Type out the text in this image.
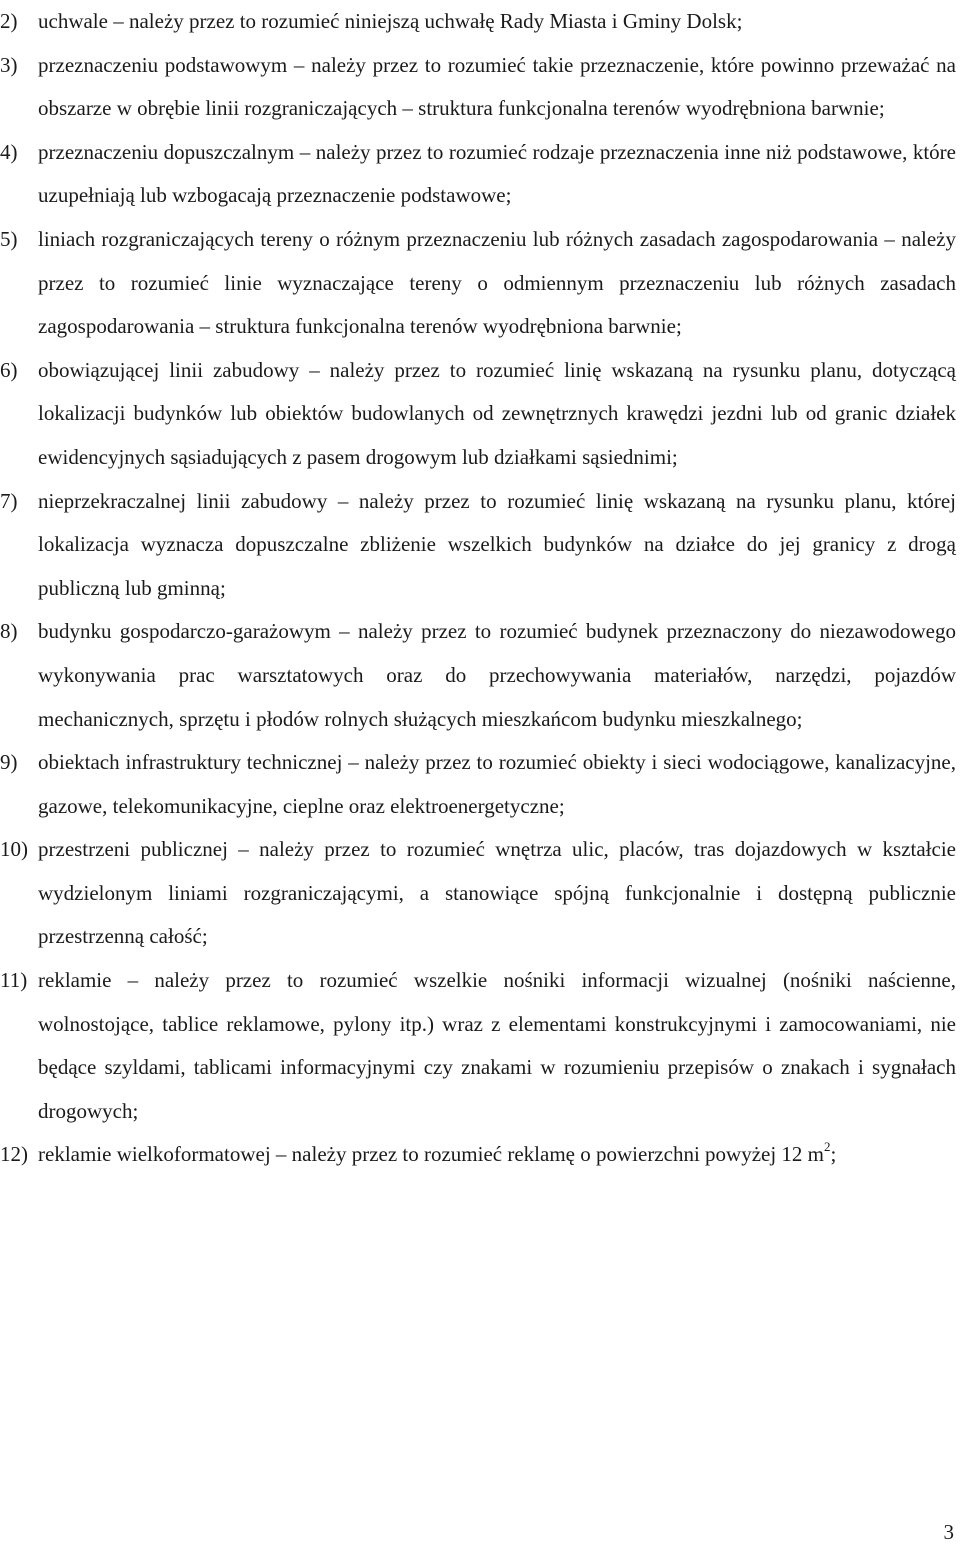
2) uchwale – należy przez to rozumieć niniejszą uchwałę Rady Miasta i Gminy Dolsk;
3) przeznaczeniu podstawowym – należy przez to rozumieć takie przeznaczenie, które powinno przeważać na obszarze w obrębie linii rozgraniczających – struktura funkcjonalna terenów wyodrębniona barwnie;
4) przeznaczeniu dopuszczalnym – należy przez to rozumieć rodzaje przeznaczenia inne niż podstawowe, które uzupełniają lub wzbogacają przeznaczenie podstawowe;
5) liniach rozgraniczających tereny o różnym przeznaczeniu lub różnych zasadach zagospodarowania – należy przez to rozumieć linie wyznaczające tereny o odmiennym przeznaczeniu lub różnych zasadach zagospodarowania – struktura funkcjonalna terenów wyodrębniona barwnie;
6) obowiązującej linii zabudowy – należy przez to rozumieć linię wskazaną na rysunku planu, dotyczącą lokalizacji budynków lub obiektów budowlanych od zewnętrznych krawędzi jezdni lub od granic działek ewidencyjnych sąsiadujących z pasem drogowym lub działkami sąsiednimi;
7) nieprzekraczalnej linii zabudowy – należy przez to rozumieć linię wskazaną na rysunku planu, której lokalizacja wyznacza dopuszczalne zbliżenie wszelkich budynków na działce do jej granicy z drogą publiczną lub gminną;
8) budynku gospodarczo-garażowym – należy przez to rozumieć budynek przeznaczony do niezawodowego wykonywania prac warsztatowych oraz do przechowywania materiałów, narzędzi, pojazdów mechanicznych, sprzętu i płodów rolnych służących mieszkańcom budynku mieszkalnego;
9) obiektach infrastruktury technicznej – należy przez to rozumieć obiekty i sieci wodociągowe, kanalizacyjne, gazowe, telekomunikacyjne, cieplne oraz elektroenergetyczne;
10) przestrzeni publicznej – należy przez to rozumieć wnętrza ulic, placów, tras dojazdowych w kształcie wydzielonym liniami rozgraniczającymi, a stanowiące spójną funkcjonalnie i dostępną publicznie przestrzenną całość;
11) reklamie – należy przez to rozumieć wszelkie nośniki informacji wizualnej (nośniki naścienne, wolnostojące, tablice reklamowe, pylony itp.) wraz z elementami konstrukcyjnymi i zamocowaniami, nie będące szyldami, tablicami informacyjnymi czy znakami w rozumieniu przepisów o znakach i sygnałach drogowych;
12) reklamie wielkoformatowej – należy przez to rozumieć reklamę o powierzchni powyżej 12 $m^2$;
3
